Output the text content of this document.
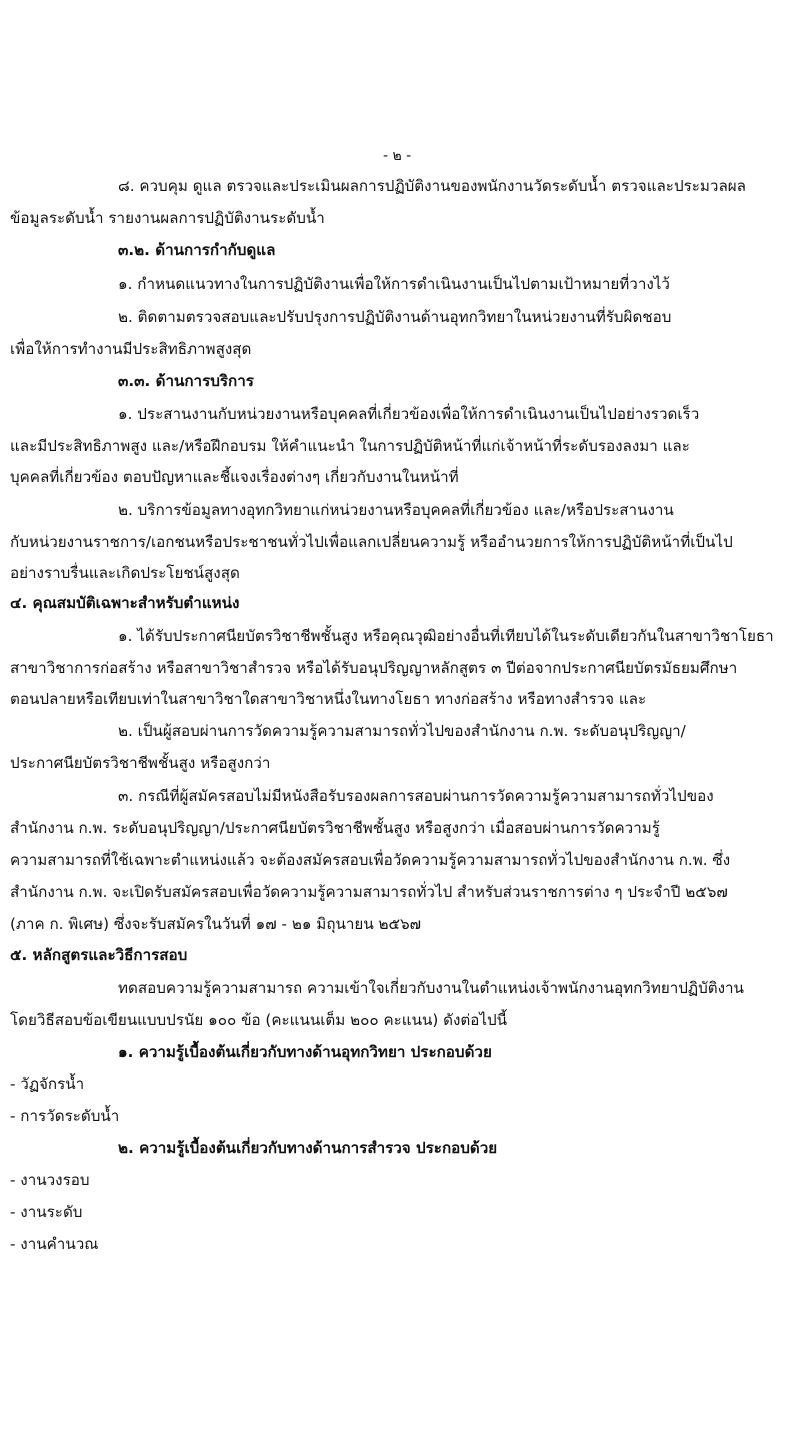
- ๒ -
๘. ควบคุม ดูแล ตรวจและประเมินผลการปฏิบัติงานของพนักงานวัดระดับน้ำ ตรวจและประมวลผล
ข้อมูลระดับน้ำ รายงานผลการปฏิบัติงานระดับน้ำ
๓.๒. ด้านการกำกับดูแล
๑. กำหนดแนวทางในการปฏิบัติงานเพื่อให้การดำเนินงานเป็นไปตามเป้าหมายที่วางไว้
๒. ติดตามตรวจสอบและปรับปรุงการปฏิบัติงานด้านอุทกวิทยาในหน่วยงานที่รับผิดชอบ
เพื่อให้การทำงานมีประสิทธิภาพสูงสุด
๓.๓. ด้านการบริการ
๑. ประสานงานกับหน่วยงานหรือบุคคลที่เกี่ยวข้องเพื่อให้การดำเนินงานเป็นไปอย่างรวดเร็ว
และมีประสิทธิภาพสูง และ/หรือฝึกอบรม ให้คำแนะนำ ในการปฏิบัติหน้าที่แก่เจ้าหน้าที่ระดับรองลงมา และ
บุคคลที่เกี่ยวข้อง ตอบปัญหาและชี้แจงเรื่องต่างๆ เกี่ยวกับงานในหน้าที่
๒. บริการข้อมูลทางอุทกวิทยาแก่หน่วยงานหรือบุคคลที่เกี่ยวข้อง และ/หรือประสานงาน
กับหน่วยงานราชการ/เอกชนหรือประชาชนทั่วไปเพื่อแลกเปลี่ยนความรู้ หรืออำนวยการให้การปฏิบัติหน้าที่เป็นไป
อย่างราบรื่นและเกิดประโยชน์สูงสุด
๔. คุณสมบัติเฉพาะสำหรับตำแหน่ง
๑. ได้รับประกาศนียบัตรวิชาชีพชั้นสูง หรือคุณวุฒิอย่างอื่นที่เทียบได้ในระดับเดียวกันในสาขาวิชาโยธา
สาขาวิชาการก่อสร้าง หรือสาขาวิชาสำรวจ หรือได้รับอนุปริญญาหลักสูตร ๓ ปีต่อจากประกาศนียบัตรมัธยมศึกษา
ตอนปลายหรือเทียบเท่าในสาขาวิชาใดสาขาวิชาหนึ่งในทางโยธา ทางก่อสร้าง หรือทางสำรวจ และ
๒. เป็นผู้สอบผ่านการวัดความรู้ความสามารถทั่วไปของสำนักงาน ก.พ. ระดับอนุปริญญา/
ประกาศนียบัตรวิชาชีพชั้นสูง หรือสูงกว่า
๓. กรณีที่ผู้สมัครสอบไม่มีหนังสือรับรองผลการสอบผ่านการวัดความรู้ความสามารถทั่วไปของ
สำนักงาน ก.พ. ระดับอนุปริญญา/ประกาศนียบัตรวิชาชีพชั้นสูง หรือสูงกว่า เมื่อสอบผ่านการวัดความรู้
ความสามารถที่ใช้เฉพาะตำแหน่งแล้ว จะต้องสมัครสอบเพื่อวัดความรู้ความสามารถทั่วไปของสำนักงาน ก.พ. ซึ่ง
สำนักงาน ก.พ. จะเปิดรับสมัครสอบเพื่อวัดความรู้ความสามารถทั่วไป สำหรับส่วนราชการต่าง ๆ ประจำปี ๒๕๖๗
(ภาค ก. พิเศษ) ซึ่งจะรับสมัครในวันที่ ๑๗ - ๒๑ มิถุนายน ๒๕๖๗
๕. หลักสูตรและวิธีการสอบ
ทดสอบความรู้ความสามารถ ความเข้าใจเกี่ยวกับงานในตำแหน่งเจ้าพนักงานอุทกวิทยาปฏิบัติงาน
โดยวิธีสอบข้อเขียนแบบปรนัย ๑๐๐ ข้อ (คะแนนเต็ม ๒๐๐ คะแนน) ดังต่อไปนี้
๑. ความรู้เบื้องต้นเกี่ยวกับทางด้านอุทกวิทยา ประกอบด้วย
- วัฏจักรน้ำ
- การวัดระดับน้ำ
๒. ความรู้เบื้องต้นเกี่ยวกับทางด้านการสำรวจ ประกอบด้วย
- งานวงรอบ
- งานระดับ
- งานคำนวณ
